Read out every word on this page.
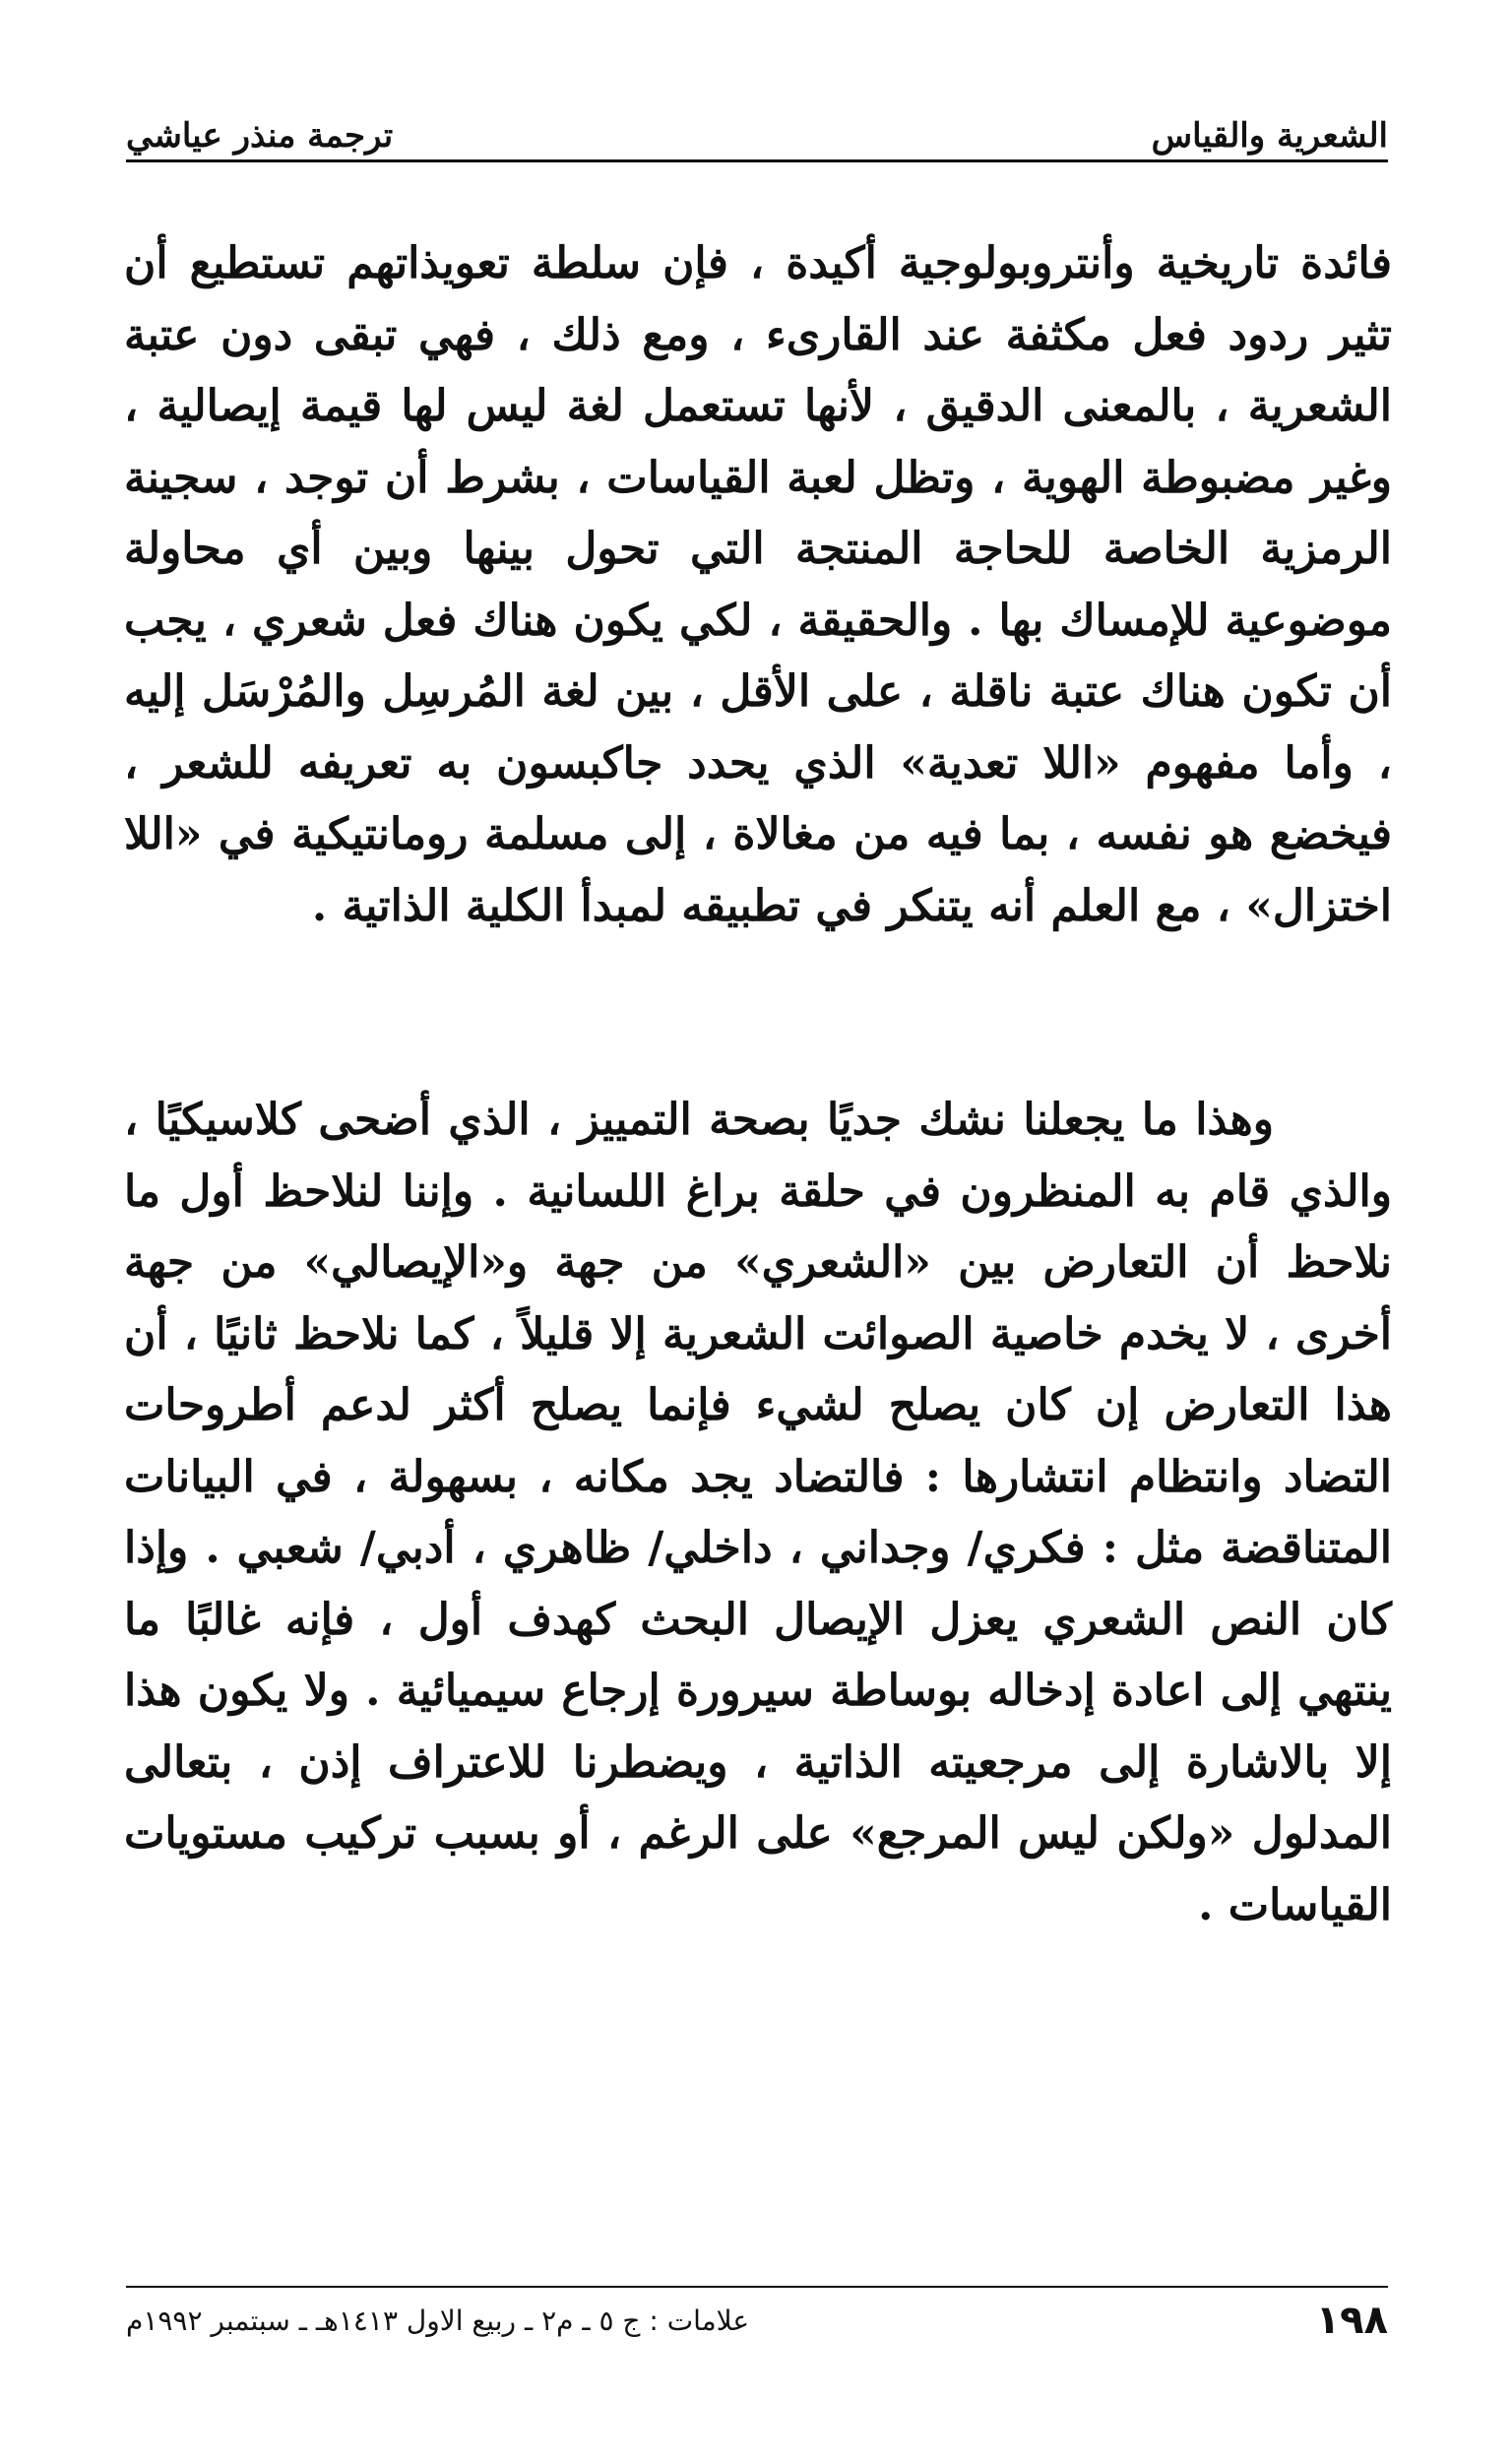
الشعرية والقياس
ترجمة منذر عياشي

فائدة تاريخية وأنتروبولوجية أكيدة ، فإن سلطة تعويذاتهم تستطيع أن تثير ردود فعل مكثفة عند القارىء ، ومع ذلك ، فهي تبقى دون عتبة الشعرية ، بالمعنى الدقيق ، لأنها تستعمل لغة ليس لها قيمة إيصالية ، وغير مضبوطة الهوية ، وتظل لعبة القياسات ، بشرط أن توجد ، سجينة الرمزية الخاصة للحاجة المنتجة التي تحول بينها وبين أي محاولة موضوعية للإمساك بها . والحقيقة ، لكي يكون هناك فعل شعري ، يجب أن تكون هناك عتبة ناقلة ، على الأقل ، بين لغة المُرسِل والمُرْسَل إليه ، وأما مفهوم «اللا تعدية» الذي يحدد جاكبسون به تعريفه للشعر ، فيخضع هو نفسه ، بما فيه من مغالاة ، إلى مسلمة رومانتيكية في «اللا اختزال» ، مع العلم أنه يتنكر في تطبيقه لمبدأ الكلية الذاتية .

وهذا ما يجعلنا نشك جديًا بصحة التمييز ، الذي أضحى كلاسيكيًا ، والذي قام به المنظرون في حلقة براغ اللسانية . وإننا لنلاحظ أول ما نلاحظ أن التعارض بين «الشعري» من جهة و«الإيصالي» من جهة أخرى ، لا يخدم خاصية الصوائت الشعرية إلا قليلاً ، كما نلاحظ ثانيًا ، أن هذا التعارض إن كان يصلح لشيء فإنما يصلح أكثر لدعم أطروحات التضاد وانتظام انتشارها : فالتضاد يجد مكانه ، بسهولة ، في البيانات المتناقضة مثل : فكري/ وجداني ، داخلي/ ظاهري ، أدبي/ شعبي . وإذا كان النص الشعري يعزل الإيصال البحث كهدف أول ، فإنه غالبًا ما ينتهي إلى اعادة إدخاله بوساطة سيرورة إرجاع سيميائية . ولا يكون هذا إلا بالاشارة إلى مرجعيته الذاتية ، ويضطرنا للاعتراف إذن ، بتعالى المدلول «ولكن ليس المرجع» على الرغم ، أو بسبب تركيب مستويات القياسات .

١٩٨
علامات : ج ٥ ـ م٢ ـ ربيع الاول ١٤١٣هـ ـ سبتمبر ١٩٩٢م
